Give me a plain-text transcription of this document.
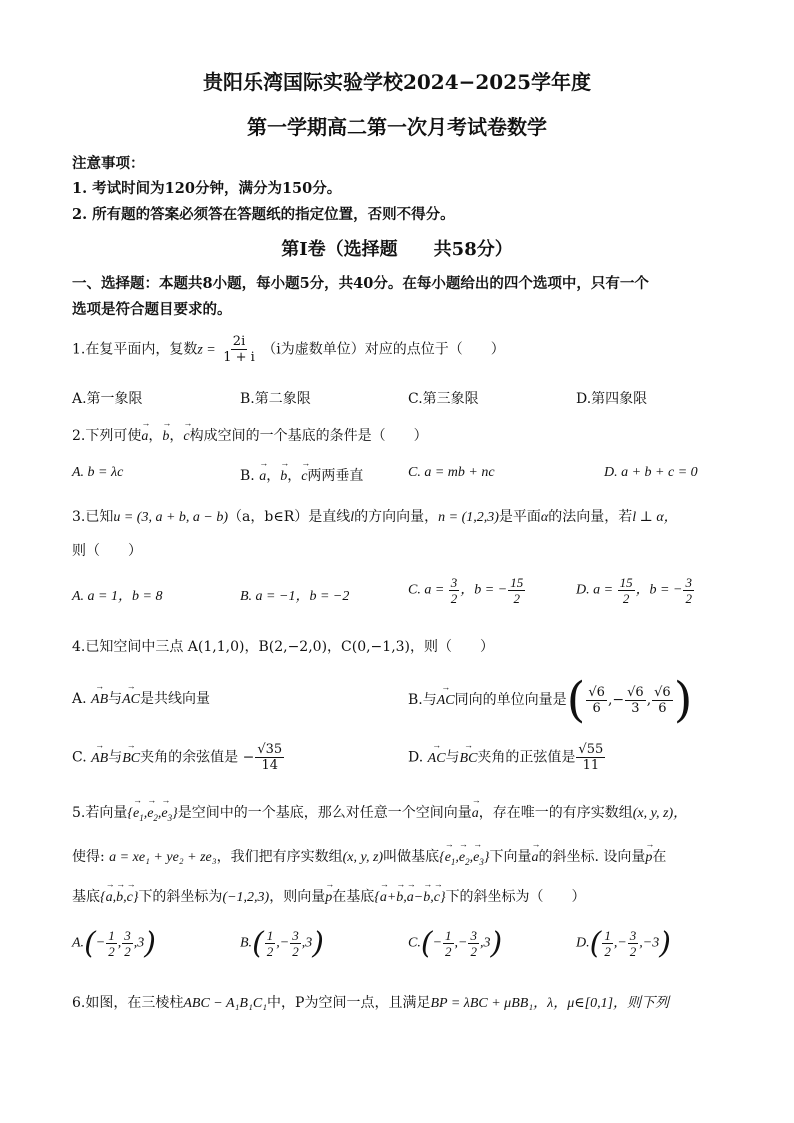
贵阳乐湾国际实验学校2024−2025学年度
第一学期高二第一次月考试卷数学
注意事项：
1. 考试时间为120分钟，满分为150分。
2. 所有题的答案必须答在答题纸的指定位置，否则不得分。
第Ⅰ卷（选择题　　共58分）
一、选择题：本题共8小题，每小题5分，共40分。在每小题给出的四个选项中，只有一个
选项是符合题目要求的。
1.在复平面内，复数$z = \frac{2i}{1 + i} (i$为虚数单位）对应的点位于（　　）
A.第一象限	B.第二象限	C.第三象限	D.第四象限
2.下列可使→ a，→ b，→ c构成空间的一个基底的条件是（　　）
A. b = λc	B. → a，→ b，→ c两两垂直	C. a = mb + nc	D. a + b + c = 0
3.已知u = (3, a + b, a − b)（a，b∈R）是直线l的方向向量，n = (1,2,3)是平面α的法向量，若l ⊥ α，
则（　　）
A. a = 1，b = 8	B. a = −1，b = −2	C. $a = \frac{3}{2}$ ，b = − $\frac{15}{2}$	D. $a = \frac{15}{2}$ ，b = − $\frac{3}{2}$
4.已知空间中三点 A(1,1,0)，B(2,−2,0)，C(0,−1,3)，则（　　）
A. → AB与→ AC是共线向量	B.与→ AC同向的单位向量是( $\frac{√6}{6}$ ,− $\frac{√6}{3}$ , $\frac{√6}{6}$ )
C. → AB与→ BC夹角的余弦值是 − $\frac{√35}{14}$	D. → AC与→ BC夹角的正弦值是 $\frac{√55}{11}$
5.若向量{→ $e_1,\to e_2,\to e_3$}是空间中的一个基底，那么对任意一个空间向量→ a，存在唯一的有序实数组(x, y, z)，
使得: a = xe₁ + ye₂ + ze₃，我们把有序实数组(x, y, z)叫做基底{→ $e_1,\to e_2,\to e_3$}下向量→ a的斜坐标. 设向量→ p在
基底{→ a,→ b,→ c}下的斜坐标为(−1,2,3)，则向量→ p在基底{→ a+→ b,→ a−→ b,→ c}下的斜坐标为（　　）
$A.(- \frac{1}{2}$ , $\frac{3}{2} ,3$)	$B.( \frac{1}{2}$ ,− $\frac{3}{2} ,3$)	$C.(- \frac{1}{2}$ ,− $\frac{3}{2} ,3$)	$D.( \frac{1}{2}$ ,− $\frac{3}{2} ,-3$)
6.如图，在三棱柱ABC − A₁B₁C₁中，P为空间一点，且满足BP = λBC + μBB₁，λ，μ∈[0,1]，则下列
